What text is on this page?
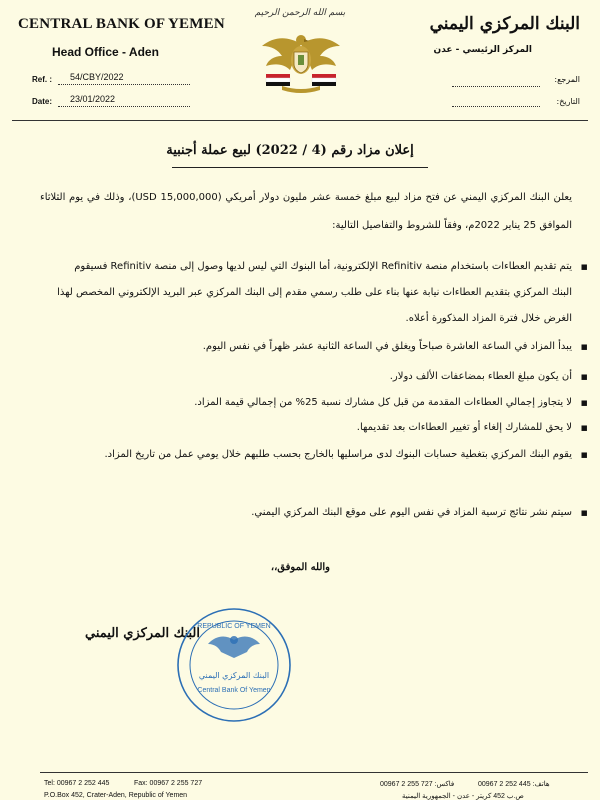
CENTRAL BANK OF YEMEN
Head Office - Aden
Ref. : 54/CBY/2022
Date: 23/01/2022
بسم الله الرحمن الرحيم
البنك المركزي اليمني
المركز الرئيسي - عدن
المرجع:
التاريخ:
إعلان مزاد رقم (4 / 2022) لبيع عملة أجنبية
يعلن البنك المركزي اليمني عن فتح مزاد لبيع مبلغ خمسة عشر مليون دولار أمريكي (15,000,000 USD)، وذلك في يوم الثلاثاء الموافق 25 يناير 2022م، وفقاً للشروط والتفاصيل التالية:
▪ يتم تقديم العطاءات باستخدام منصة Refinitiv الإلكترونية، أما البنوك التي ليس لديها وصول إلى منصة Refinitiv فسيقوم البنك المركزي بتقديم العطاءات نيابة عنها بناء على طلب رسمي مقدم إلى البنك المركزي عبر البريد الإلكتروني المخصص لهذا الغرض خلال فترة المزاد المذكورة أعلاه.
▪ يبدأ المزاد في الساعة العاشرة صباحاً ويغلق في الساعة الثانية عشر ظهراً في نفس اليوم.
▪ أن يكون مبلغ العطاء بمضاعفات الألف دولار.
▪ لا يتجاوز إجمالي العطاءات المقدمة من قبل كل مشارك نسبة 25% من إجمالي قيمة المزاد.
▪ لا يحق للمشارك إلغاء أو تغيير العطاءات بعد تقديمها.
▪ يقوم البنك المركزي بتغطية حسابات البنوك لدى مراسليها بالخارج بحسب طلبهم خلال يومي عمل من تاريخ المزاد.
▪ سيتم نشر نتائج ترسية المزاد في نفس اليوم على موقع البنك المركزي اليمني.
والله الموفق،،
البنك المركزي اليمني
REPUBLIC OF YEMEN
البنك المركزي اليمني
Central Bank Of Yemen
Tel: 00967 2 252 445	Fax: 00967 2 255 727	فاكس: 727 255 2 00967	هاتف: 445 252 2 00967
P.O.Box 452, Crater-Aden, Republic of Yemen	ص.ب 452 كريتر - عدن - الجمهورية اليمنية
